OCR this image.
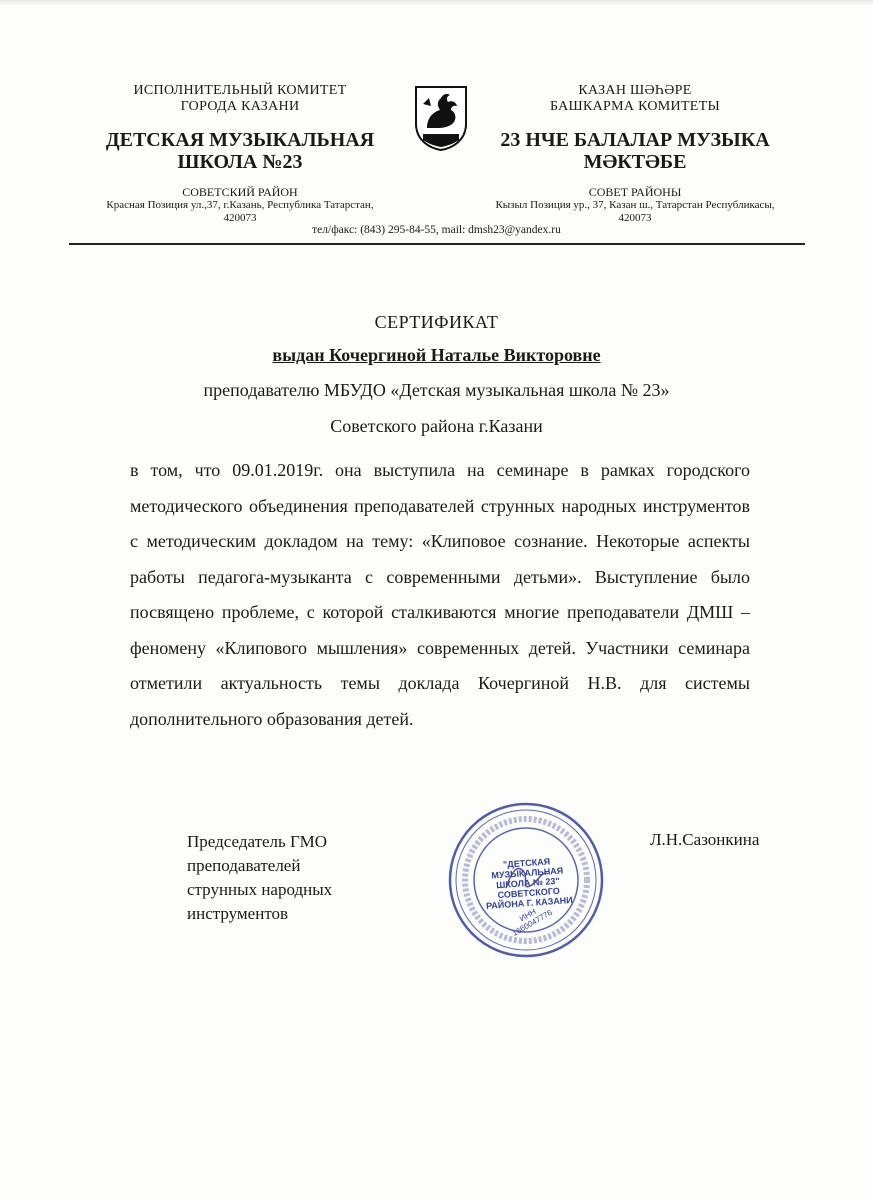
ИСПОЛНИТЕЛЬНЫЙ КОМИТЕТ
ГОРОДА КАЗАНИ
ДЕТСКАЯ МУЗЫКАЛЬНАЯ
ШКОЛА №23
СОВЕТСКИЙ РАЙОН
Красная Позиция ул.,37, г.Казань, Республика Татарстан,
420073
КАЗАН ШӘҺӘРЕ
БАШКАРМА КОМИТЕТЫ
23 НЧЕ БАЛАЛАР МУЗЫКА
МӘКТӘБЕ
СОВЕТ РАЙОНЫ
Кызыл Позиция ур., 37, Казан ш., Татарстан Республикасы,
420073
тел/факс: (843) 295-84-55, mail: dmsh23@yandex.ru
СЕРТИФИКАТ
выдан Кочергиной Наталье Викторовне
преподавателю МБУДО «Детская музыкальная школа № 23»
Советского района г.Казани
в том, что 09.01.2019г. она выступила на семинаре в рамках городского методического объединения преподавателей струнных народных инструментов с методическим докладом на тему: «Клиповое сознание. Некоторые аспекты работы педагога-музыканта с современными детьми». Выступление было посвящено проблеме, с которой сталкиваются многие преподаватели ДМШ – феномену «Клипового мышления» современных детей. Участники семинара отметили актуальность темы доклада Кочергиной Н.В. для системы дополнительного образования детей.
Председатель ГМО
преподавателей
струнных народных
инструментов
"ДЕТСКАЯ МУЗЫКАЛЬНАЯ ШКОЛА № 23" СОВЕТСКОГО РАЙОНА Г. КАЗАНИ
ИНН 1660047776
Л.Н.Сазонкина
